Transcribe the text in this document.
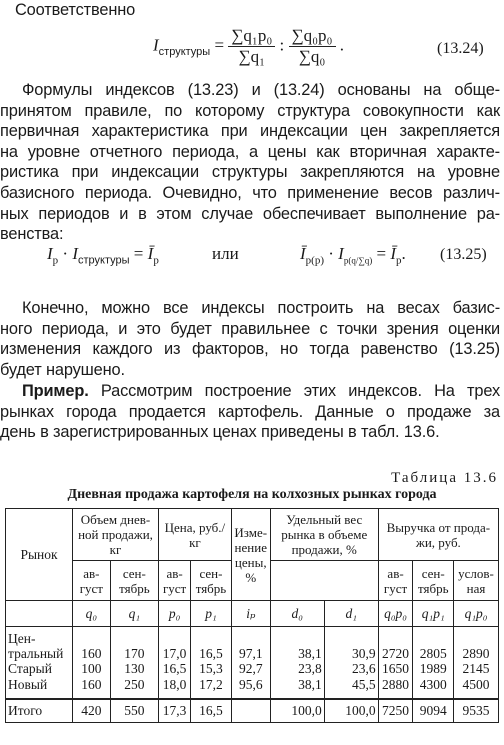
Соответственно
$I_{структуры} = \frac{\text{∑q₁p₀}}{\text{∑q₁}}$ : $\frac{\text{∑q₀p₀}}{\text{∑q₀}}$ .	(13.24)
Формулы индексов (13.23) и (13.24) основаны на обще-
принятом правиле, по которому структура совокупности как
первичная характеристика при индексации цен закрепляется
на уровне отчетного периода, а цены как вторичная характе-
ристика при индексации структуры закрепляются на уровне
базисного периода. Очевидно, что применение весов различ-
ных периодов и в этом случае обеспечивает выполнение ра-
венства:
$I_p \cdot I_{структуры}$ = $Ī_p$	или	$Ī_{p(p)} \cdot I_{p(q/\sum q)}$ = $Ī_p$. (13.25)
Конечно, можно все индексы построить на весах базис-
ного периода, и это будет правильнее с точки зрения оценки
изменения каждого из факторов, но тогда равенство (13.25)
будет нарушено.
Пример. Рассмотрим построение этих индексов. На трех
рынках города продается картофель. Данные о продаже за
день в зарегистрированных ценах приведены в табл. 13.6.
Таблица 13.6
Дневная продажа картофеля на колхозных рынках города
Рынок	Объем днев-ной продажи, кг		Цена, руб./кг		Изме-нение цены, %	Удельный вес рынка в объеме продажи, %		Выручка от прода-жи, руб.		
	ав-густ	сен-тябрь	ав-густ	сен-тябрь				ав-густ	сен-тябрь	услов-ная
	q₀	q₁	p₀	p₁	iₚ	d₀	d₁	q₀p₀	q₁p₁	q₁p₀
Цен-тральный	160	170	17,0	16,5	97,1	38,1	30,9	2720	2805	2890
Старый	100	130	16,5	15,3	92,7	23,8	23,6	1650	1989	2145
Новый	160	250	18,0	17,2	95,6	38,1	45,5	2880	4300	4500
Итого	420	550	17,3	16,5		100,0	100,0	7250	9094	9535
